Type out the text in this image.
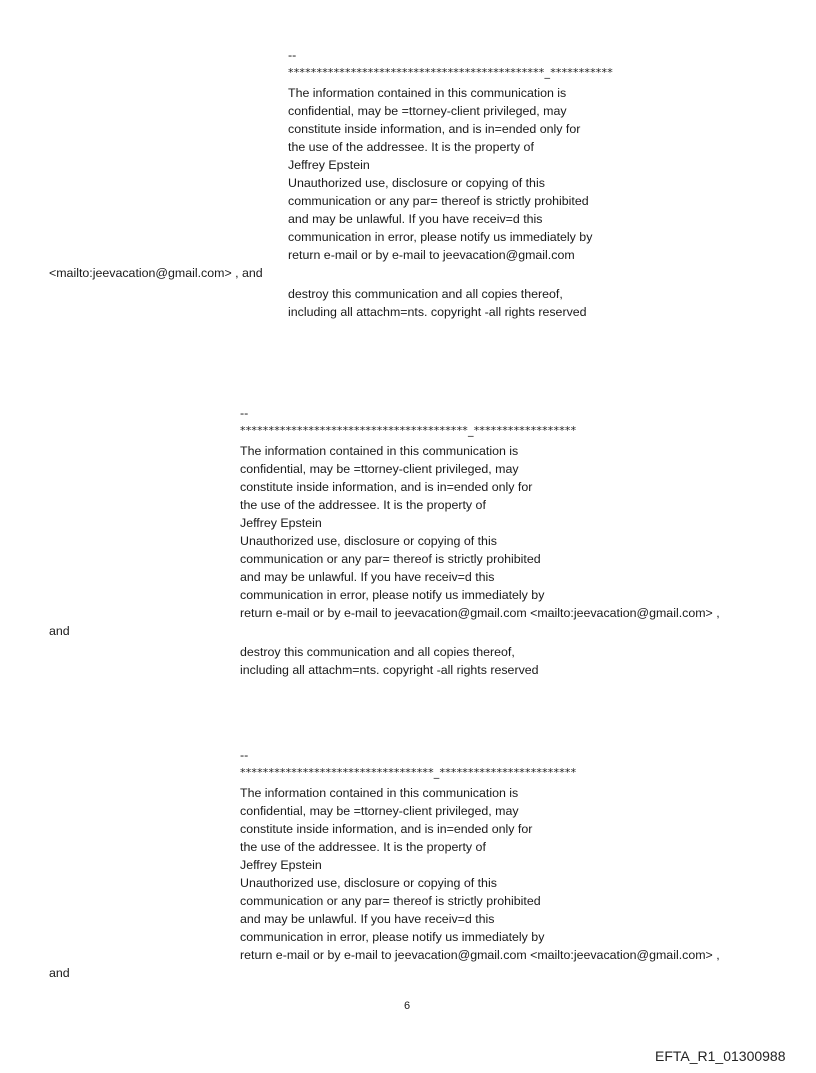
--
*********************************************_***********
The information contained in this communication is
confidential, may be =ttorney-client privileged, may
constitute inside information, and is in=ended only for
the use of the addressee. It is the property of
Jeffrey Epstein
Unauthorized use, disclosure or copying of this
communication or any par= thereof is strictly prohibited
and may be unlawful. If you have receiv=d this
communication in error, please notify us immediately by
return e-mail or by e-mail to jeevacation@gmail.com
<mailto:jeevacation@gmail.com> , and
destroy this communication and all copies thereof,
including all attachm=nts. copyright -all rights reserved
--
****************************************_******************
The information contained in this communication is
confidential, may be =ttorney-client privileged, may
constitute inside information, and is in=ended only for
the use of the addressee. It is the property of
Jeffrey Epstein
Unauthorized use, disclosure or copying of this
communication or any par= thereof is strictly prohibited
and may be unlawful. If you have receiv=d this
communication in error, please notify us immediately by
return e-mail or by e-mail to jeevacation@gmail.com <mailto:jeevacation@gmail.com> ,
and
destroy this communication and all copies thereof,
including all attachm=nts. copyright -all rights reserved
--
**********************************_************************
The information contained in this communication is
confidential, may be =ttorney-client privileged, may
constitute inside information, and is in=ended only for
the use of the addressee. It is the property of
Jeffrey Epstein
Unauthorized use, disclosure or copying of this
communication or any par= thereof is strictly prohibited
and may be unlawful. If you have receiv=d this
communication in error, please notify us immediately by
return e-mail or by e-mail to jeevacation@gmail.com <mailto:jeevacation@gmail.com> ,
and
6
EFTA_R1_01300988
